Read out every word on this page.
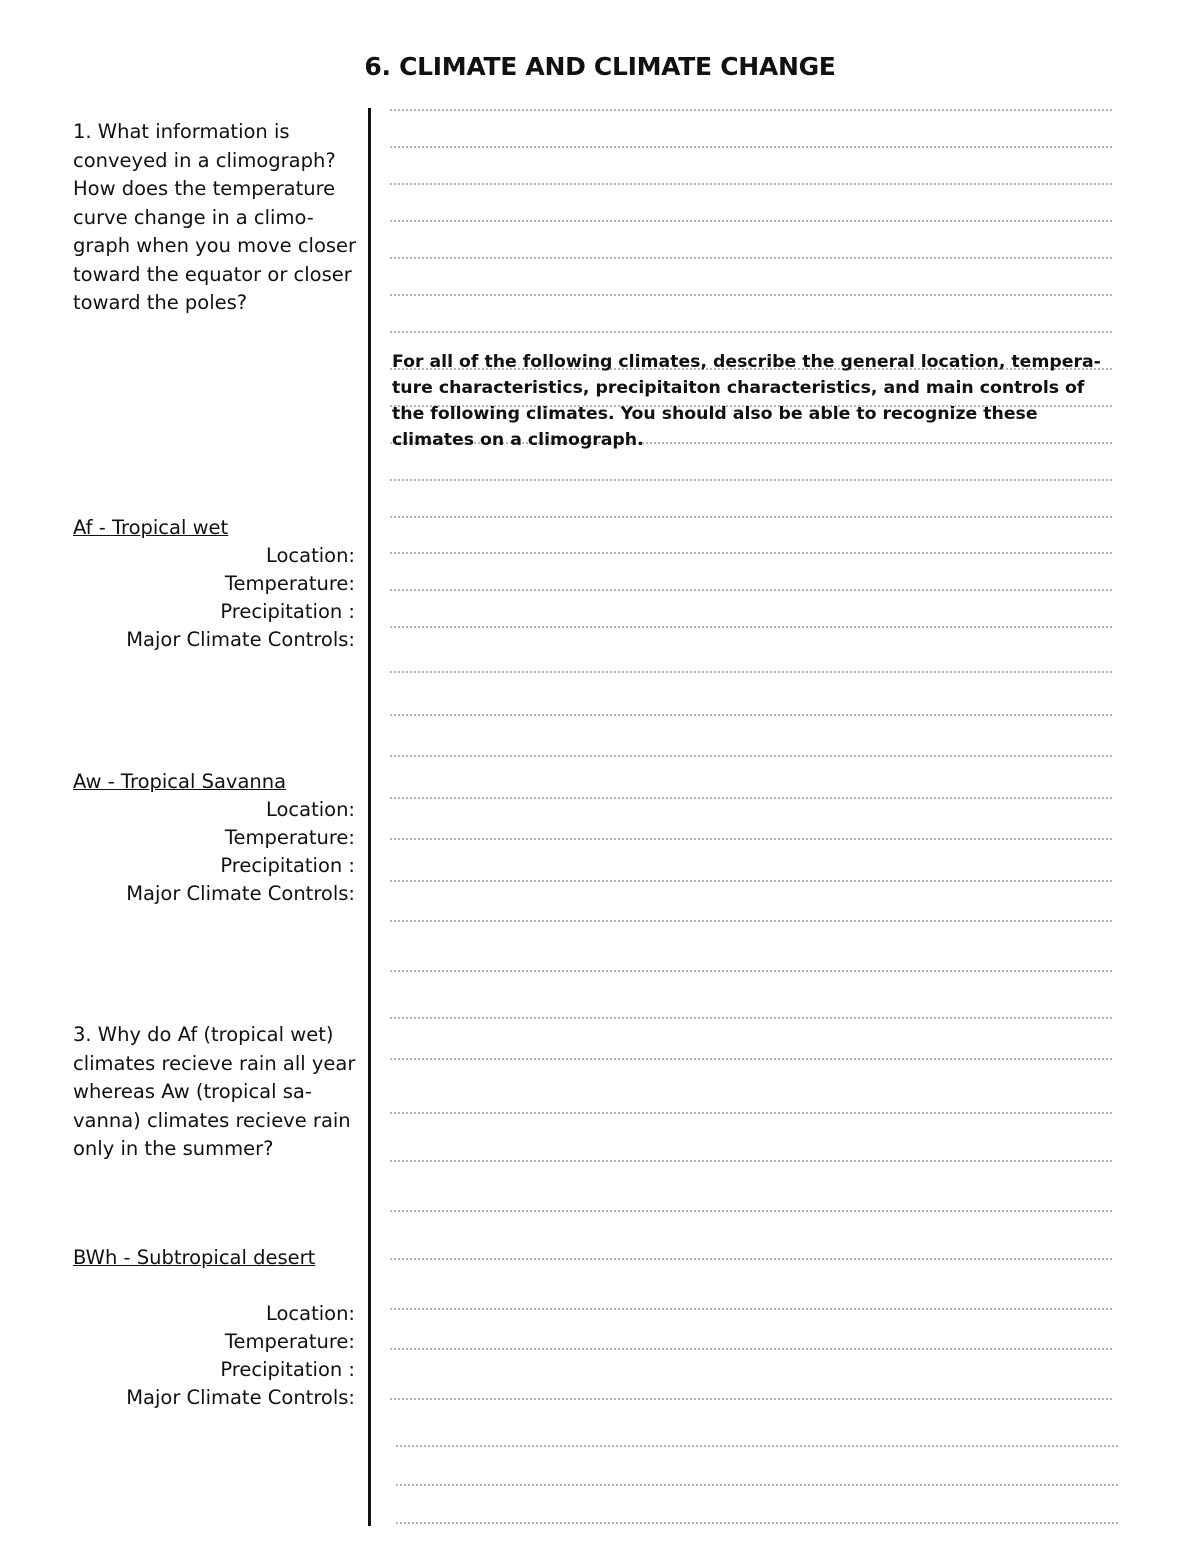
6. CLIMATE AND CLIMATE CHANGE

1. What information is conveyed in a climograph? How does the temperature curve change in a climo-graph when you move closer toward the equator or closer toward the poles?

For all of the following climates, describe the general location, tempera-ture characteristics, precipitaiton characteristics, and main controls of the following climates. You should also be able to recognize these climates on a climograph.

Af - Tropical wet

Location:
Temperature:
Precipitation :
Major Climate Controls:

Aw - Tropical Savanna

Location:
Temperature:
Precipitation :
Major Climate Controls:

3. Why do Af (tropical wet) climates recieve rain all year whereas Aw (tropical sa-vanna) climates recieve rain only in the summer?

BWh - Subtropical desert

Location:
Temperature:
Precipitation :
Major Climate Controls:
